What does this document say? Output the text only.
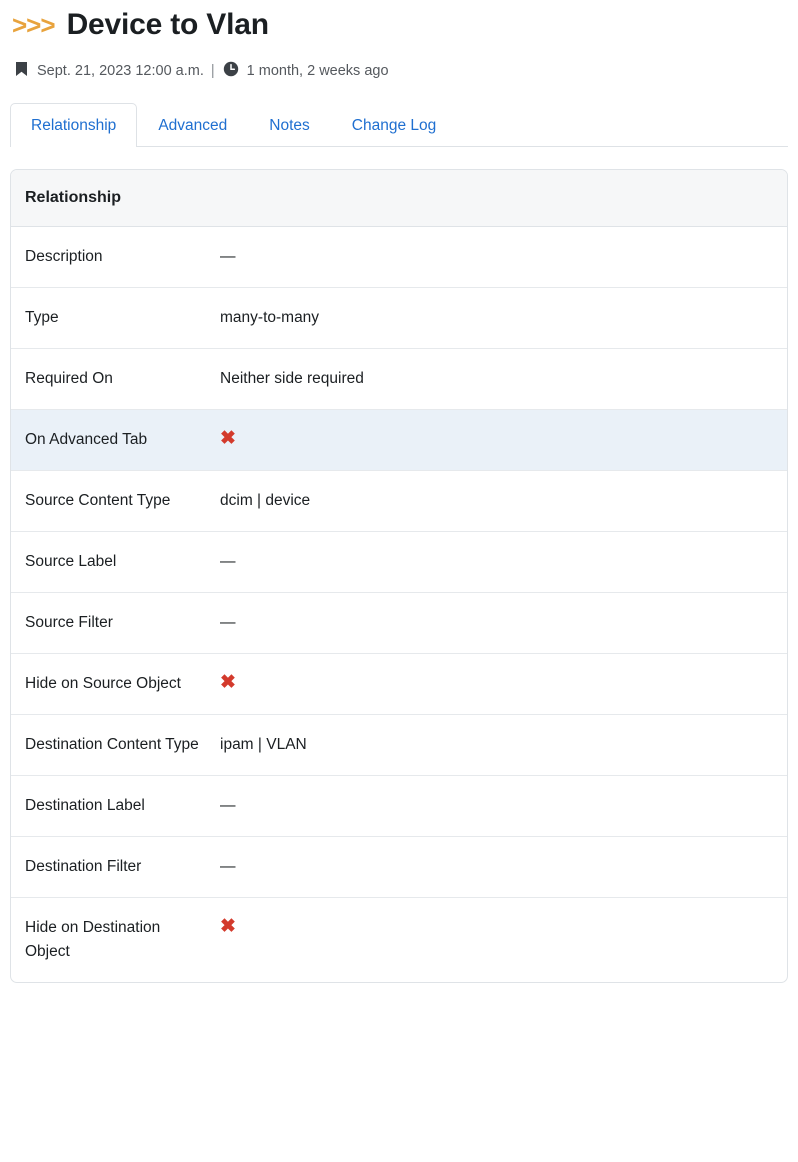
>>> Device to Vlan
Sept. 21, 2023 12:00 a.m. | 1 month, 2 weeks ago
Relationship	Advanced	Notes	Change Log
Relationship
Description	—

Type	many-to-many

Required On	Neither side required

On Advanced Tab	✖

Source Content Type	dcim | device

Source Label	—

Source Filter	—

Hide on Source Object	✖

Destination Content Type	ipam | VLAN

Destination Label	—

Destination Filter	—

Hide on Destination Object	✖
